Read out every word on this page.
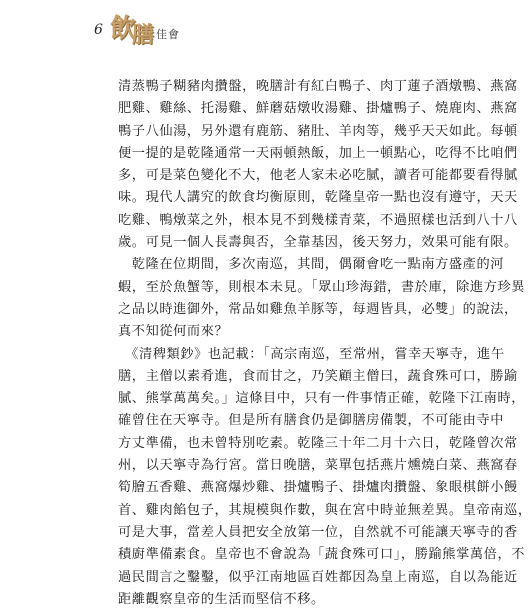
6 飲
膳 佳會
清蒸鴨子糊豬肉攢盤，晚膳計有紅白鴨子、肉丁蓮子酒燉鴨、燕窩
肥雞、雞絲、托湯雞、鮮蘑菇燉收湯雞、掛爐鴨子、燒鹿肉、燕窩
鴨子八仙湯，另外還有鹿筋、豬肚、羊肉等，幾乎天天如此。每頓
便一提的是乾隆通常一天兩頓熱飯，加上一頓點心，吃得不比咱們
多，可是菜色變化不大，他老人家未必吃膩，讀者可能都要看得膩
味。現代人講究的飲食均衡原則，乾隆皇帝一點也沒有遵守，天天
吃雞、鴨燉菜之外，根本見不到幾樣青菜，不過照樣也活到八十八
歲。可見一個人長壽與否，全靠基因，後天努力，效果可能有限。
　乾隆在位期間，多次南巡，其間，偶爾會吃一點南方盛產的河
蝦，至於魚蟹等，則根本未見。「眾山珍海錯，書於庫，除進方珍異
之品以時進御外，常品如雞魚羊豚等，每週皆具，必雙」的說法，
真不知從何而來？
　《清稗類鈔》也記載：「高宗南巡，至常州，嘗幸天寧寺，進午
膳，主僧以素肴進，食而甘之，乃笑顧主僧曰，蔬食殊可口，勝踰
膩、熊掌萬萬矣。」這條目中，只有一件事情正確，乾隆下江南時，
確曾住在天寧寺。但是所有膳食仍是御膳房備製，不可能由寺中
方丈準備，也未曾特別吃素。乾隆三十年二月十六日，乾隆曾次常
州，以天寧寺為行宮。當日晚膳，菜單包括燕片燻燒白菜、燕窩春
筍膾五香雞、燕窩爆炒雞、掛爐鴨子、掛爐肉攢盤、象眼棋餅小饅
首、雞肉餡包子，其規模與作數，與在宮中時並無差異。皇帝南巡，
可是大事，當差人員把安全放第一位，自然就不可能讓天寧寺的香
積廚準備素食。皇帝也不會說為「蔬食殊可口」，勝踰熊掌萬倍，不
過民間言之鑿鑿，似乎江南地區百姓都因為皇上南巡，自以為能近
距離觀察皇帝的生活而堅信不移。
